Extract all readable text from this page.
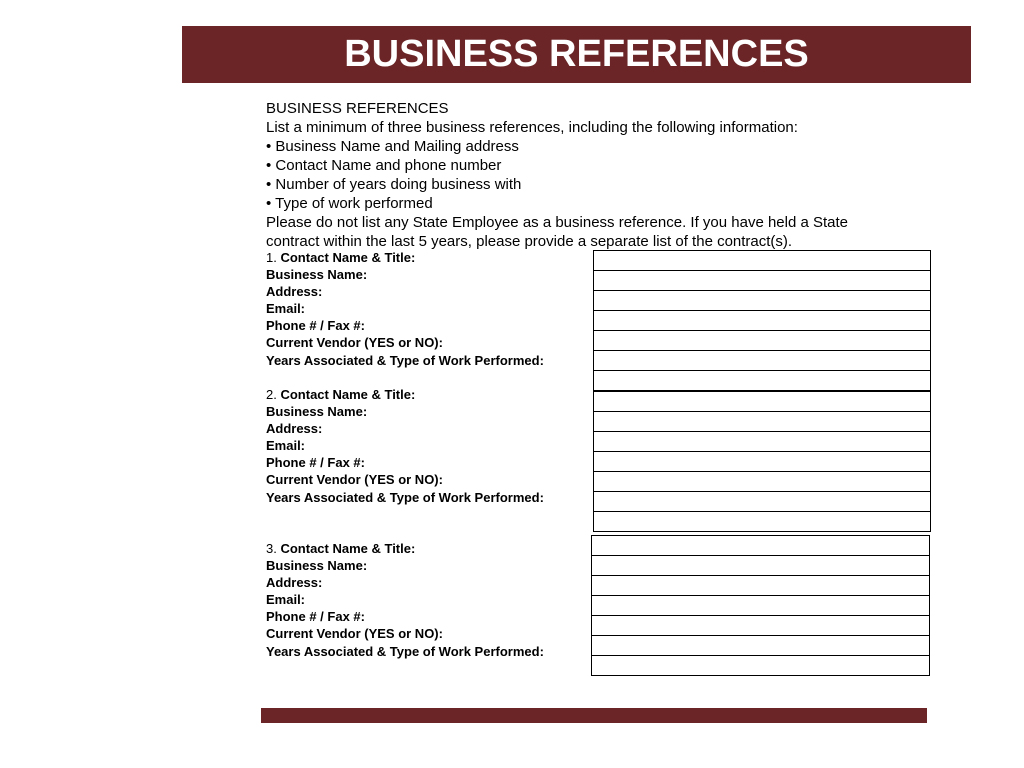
BUSINESS REFERENCES
BUSINESS REFERENCES
List a minimum of three business references, including the following information:
• Business Name and Mailing address
• Contact Name and phone number
• Number of years doing business with
• Type of work performed
Please do not list any State Employee as a business reference. If you have held a State
contract within the last 5 years, please provide a separate list of the contract(s).
1. Contact Name & Title:
Business Name:
Address:
Email:
Phone # / Fax #:
Current Vendor (YES or NO):
Years Associated & Type of Work Performed:

2. Contact Name & Title:
Business Name:
Address:
Email:
Phone # / Fax #:
Current Vendor (YES or NO):
Years Associated & Type of Work Performed:

3. Contact Name & Title:
Business Name:
Address:
Email:
Phone # / Fax #:
Current Vendor (YES or NO):
Years Associated & Type of Work Performed:
